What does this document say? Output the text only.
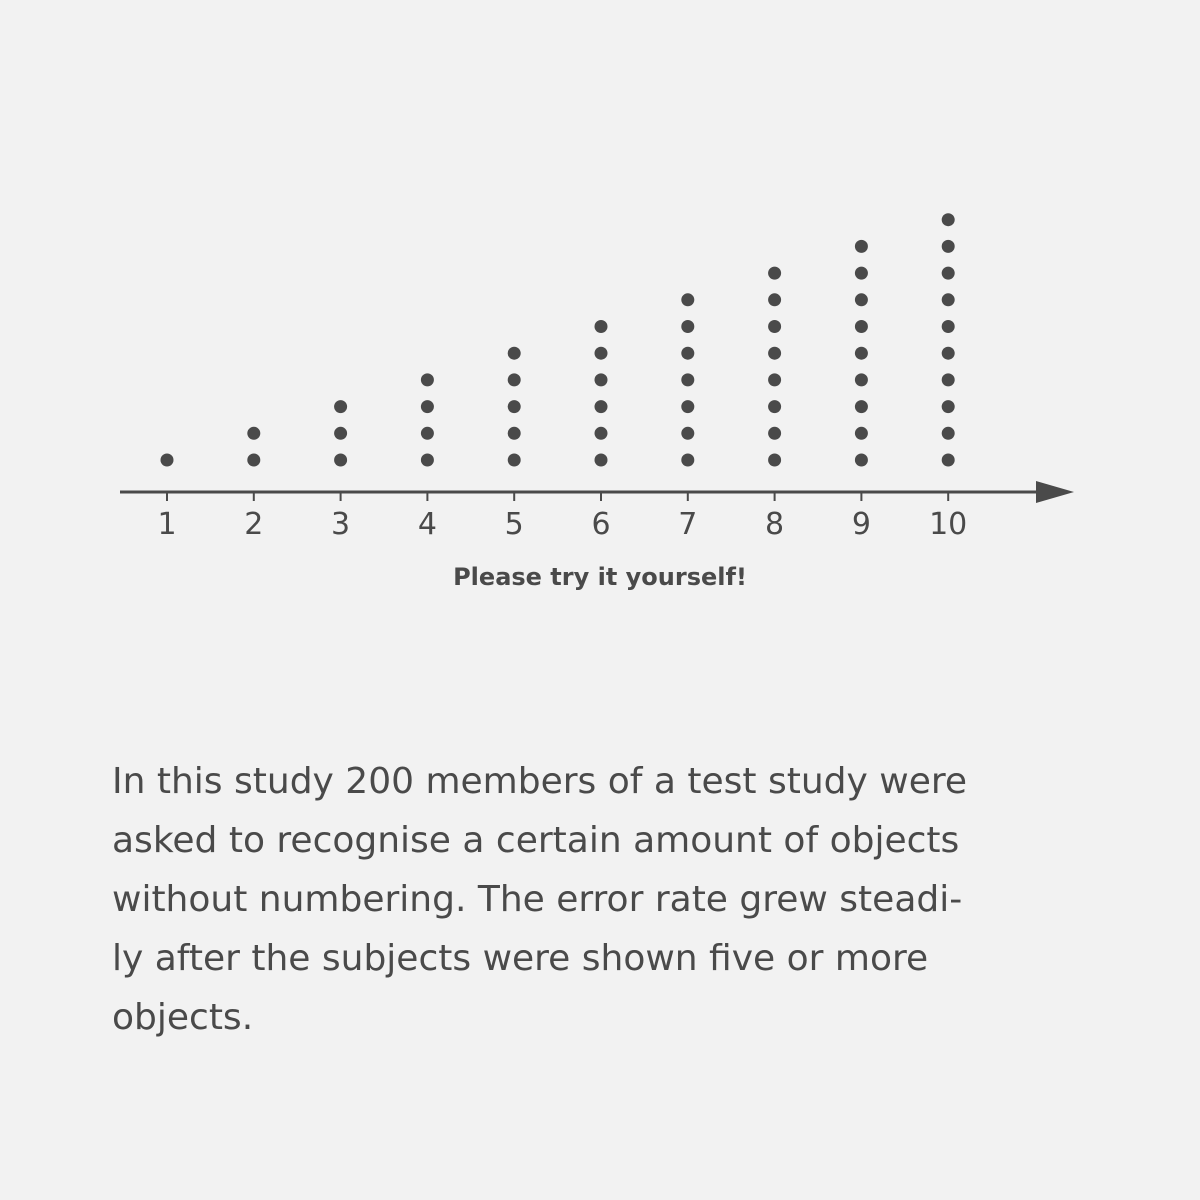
1 2 3 4 5 6 7 8 9 10
Please try it yourself!

In this study 200 members of a test study were
asked to recognise a certain amount of objects
without numbering. The error rate grew steadi-
ly after the subjects were shown five or more
objects.
